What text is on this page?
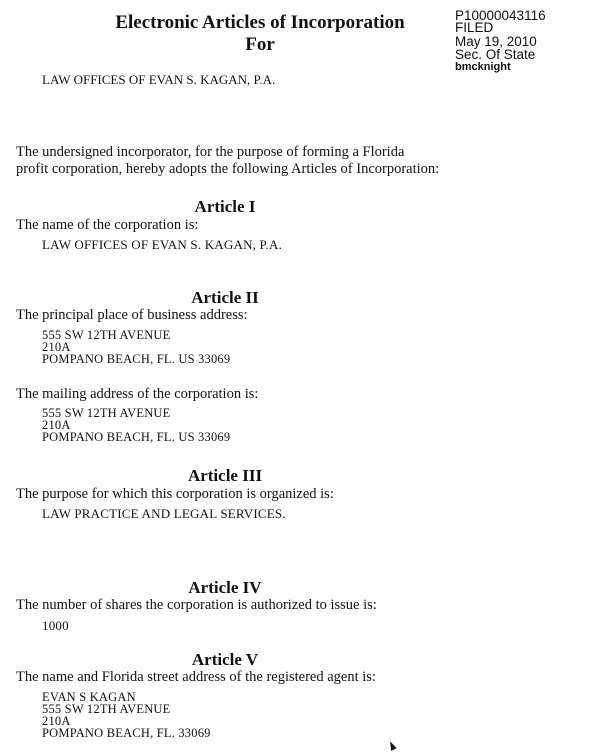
Electronic Articles of Incorporation
For
LAW OFFICES OF EVAN S. KAGAN, P.A.
P10000043116
FILED
May 19, 2010
Sec. Of State
bmcknight
The undersigned incorporator, for the purpose of forming a Florida
profit corporation, hereby adopts the following Articles of Incorporation:
Article I
The name of the corporation is:
LAW OFFICES OF EVAN S. KAGAN, P.A.
Article II
The principal place of business address:
555 SW 12TH AVENUE
210A
POMPANO BEACH, FL. US 33069
The mailing address of the corporation is:
555 SW 12TH AVENUE
210A
POMPANO BEACH, FL. US 33069
Article III
The purpose for which this corporation is organized is:
LAW PRACTICE AND LEGAL SERVICES.
Article IV
The number of shares the corporation is authorized to issue is:
1000
Article V
The name and Florida street address of the registered agent is:
EVAN S KAGAN
555 SW 12TH AVENUE
210A
POMPANO BEACH, FL. 33069
